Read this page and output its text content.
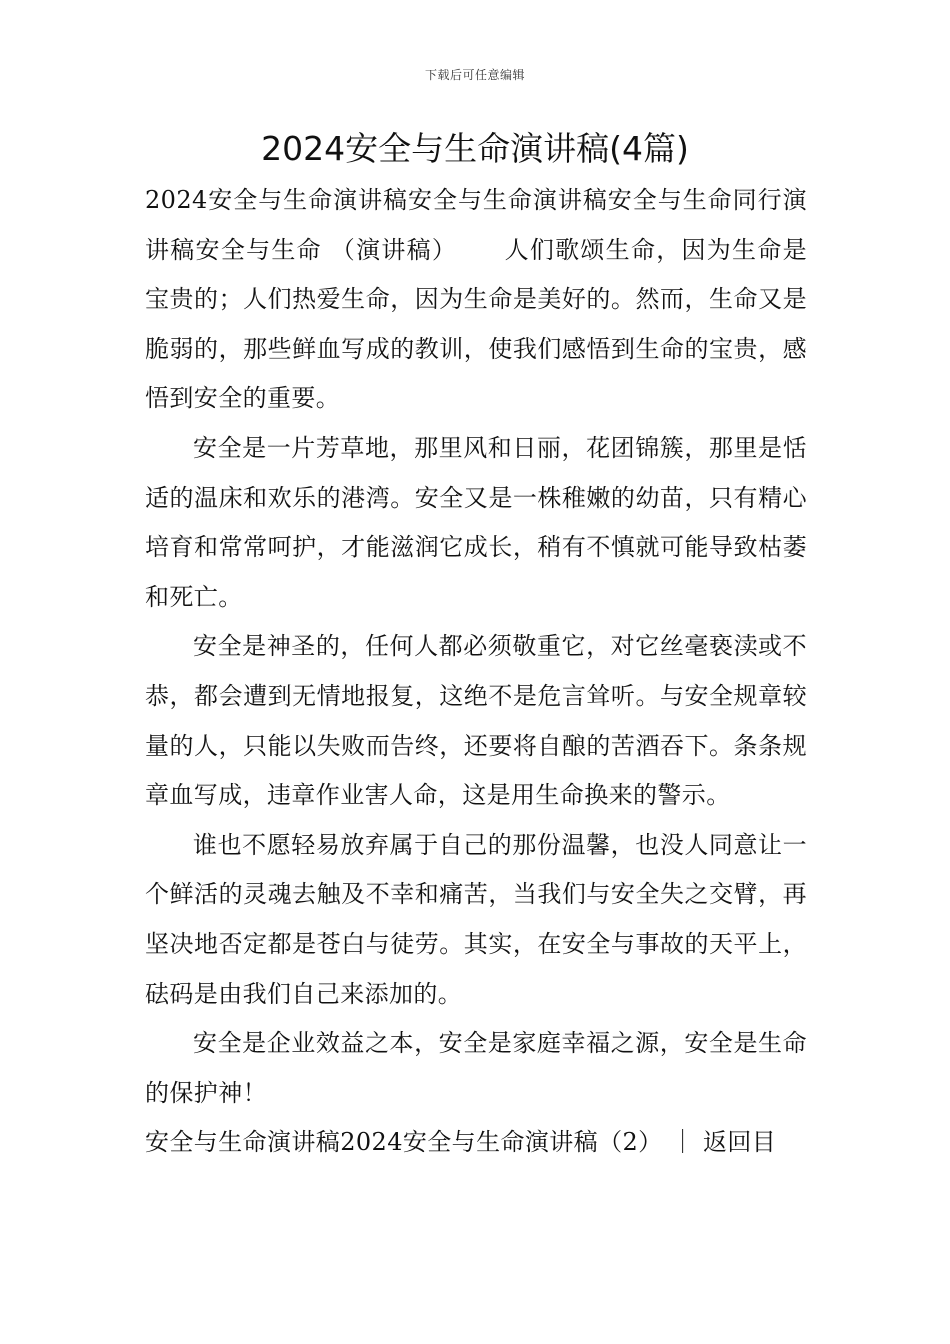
下载后可任意编辑
2024安全与生命演讲稿(4篇)

2024安全与生命演讲稿安全与生命演讲稿安全与生命同行演讲稿安全与生命 （演讲稿）　　 人们歌颂生命，因为生命是宝贵的；人们热爱生命，因为生命是美好的。然而，生命又是脆弱的，那些鲜血写成的教训，使我们感悟到生命的宝贵，感悟到安全的重要。

安全是一片芳草地，那里风和日丽，花团锦簇，那里是恬适的温床和欢乐的港湾。安全又是一株稚嫩的幼苗，只有精心培育和常常呵护，才能滋润它成长，稍有不慎就可能导致枯萎和死亡。

安全是神圣的，任何人都必须敬重它，对它丝毫亵渎或不恭，都会遭到无情地报复，这绝不是危言耸听。与安全规章较量的人，只能以失败而告终，还要将自酿的苦酒吞下。条条规章血写成，违章作业害人命，这是用生命换来的警示。

谁也不愿轻易放弃属于自己的那份温馨，也没人同意让一个鲜活的灵魂去触及不幸和痛苦，当我们与安全失之交臂，再坚决地否定都是苍白与徒劳。其实，在安全与事故的天平上，砝码是由我们自己来添加的。

安全是企业效益之本，安全是家庭幸福之源，安全是生命的保护神！

安全与生命演讲稿2024安全与生命演讲稿（2） ｜ 返回目
